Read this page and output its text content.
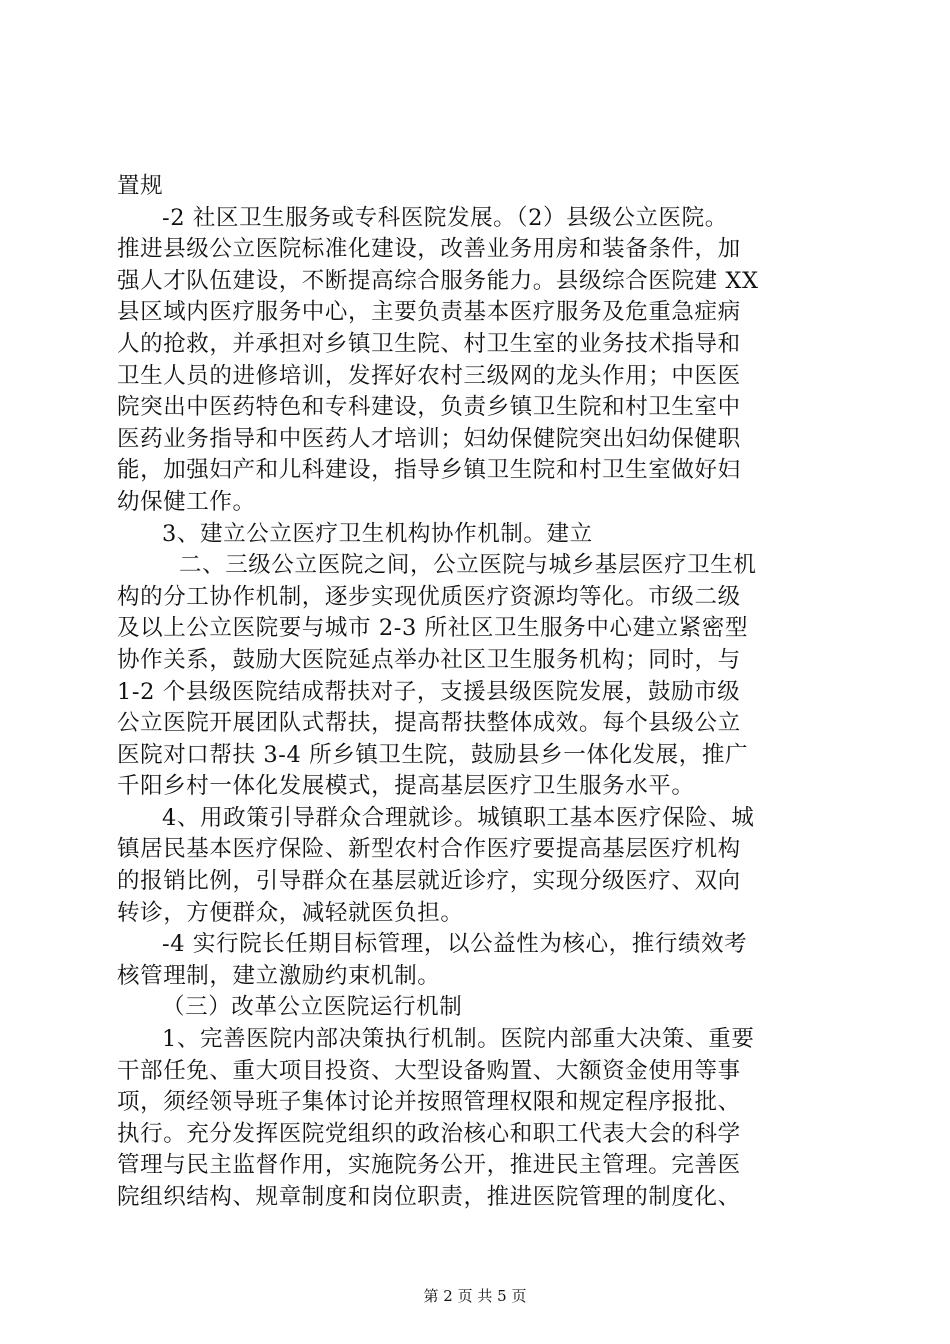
置规
-2 社区卫生服务或专科医院发展。（2）县级公立医院。
推进县级公立医院标准化建设，改善业务用房和装备条件，加
强人才队伍建设，不断提高综合服务能力。县级综合医院建 XX
县区域内医疗服务中心，主要负责基本医疗服务及危重急症病
人的抢救，并承担对乡镇卫生院、村卫生室的业务技术指导和
卫生人员的进修培训，发挥好农村三级网的龙头作用；中医医
院突出中医药特色和专科建设，负责乡镇卫生院和村卫生室中
医药业务指导和中医药人才培训；妇幼保健院突出妇幼保健职
能，加强妇产和儿科建设，指导乡镇卫生院和村卫生室做好妇
幼保健工作。
3、建立公立医疗卫生机构协作机制。建立
二、三级公立医院之间，公立医院与城乡基层医疗卫生机
构的分工协作机制，逐步实现优质医疗资源均等化。市级二级
及以上公立医院要与城市 2-3 所社区卫生服务中心建立紧密型
协作关系，鼓励大医院延点举办社区卫生服务机构；同时，与
1-2 个县级医院结成帮扶对子，支援县级医院发展，鼓励市级
公立医院开展团队式帮扶，提高帮扶整体成效。每个县级公立
医院对口帮扶 3-4 所乡镇卫生院，鼓励县乡一体化发展，推广
千阳乡村一体化发展模式，提高基层医疗卫生服务水平。
4、用政策引导群众合理就诊。城镇职工基本医疗保险、城
镇居民基本医疗保险、新型农村合作医疗要提高基层医疗机构
的报销比例，引导群众在基层就近诊疗，实现分级医疗、双向
转诊，方便群众，减轻就医负担。
-4 实行院长任期目标管理，以公益性为核心，推行绩效考
核管理制，建立激励约束机制。
（三）改革公立医院运行机制
1、完善医院内部决策执行机制。医院内部重大决策、重要
干部任免、重大项目投资、大型设备购置、大额资金使用等事
项，须经领导班子集体讨论并按照管理权限和规定程序报批、
执行。充分发挥医院党组织的政治核心和职工代表大会的科学
管理与民主监督作用，实施院务公开，推进民主管理。完善医
院组织结构、规章制度和岗位职责，推进医院管理的制度化、
第 2 页 共 5 页
